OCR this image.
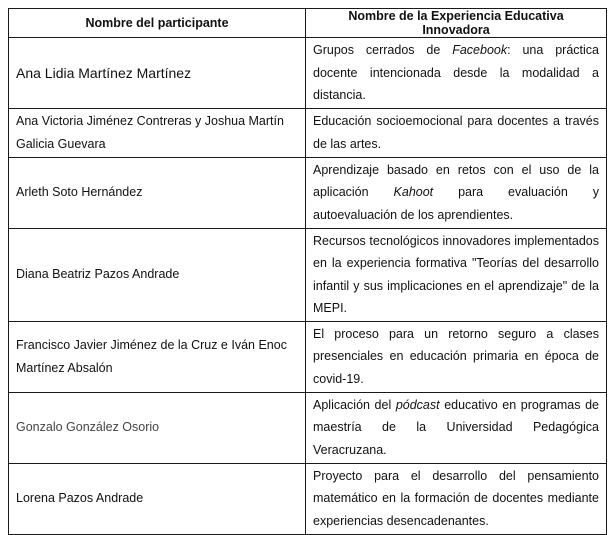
Nombre del participante	Nombre de la Experiencia Educativa Innovadora
Ana Lidia Martínez Martínez	Grupos cerrados de Facebook: una práctica docente intencionada desde la modalidad a distancia.
Ana Victoria Jiménez Contreras y Joshua Martín Galicia Guevara	Educación socioemocional para docentes a través de las artes.
Arleth Soto Hernández	Aprendizaje basado en retos con el uso de la aplicación Kahoot para evaluación y autoevaluación de los aprendientes.
Diana Beatriz Pazos Andrade	Recursos tecnológicos innovadores implementados en la experiencia formativa "Teorías del desarrollo infantil y sus implicaciones en el aprendizaje" de la MEPI.
Francisco Javier Jiménez de la Cruz e Iván Enoc Martínez Absalón	El proceso para un retorno seguro a clases presenciales en educación primaria en época de covid-19.
Gonzalo González Osorio	Aplicación del pódcast educativo en programas de maestría de la Universidad Pedagógica Veracruzana.
Lorena Pazos Andrade	Proyecto para el desarrollo del pensamiento matemático en la formación de docentes mediante experiencias desencadenantes.
